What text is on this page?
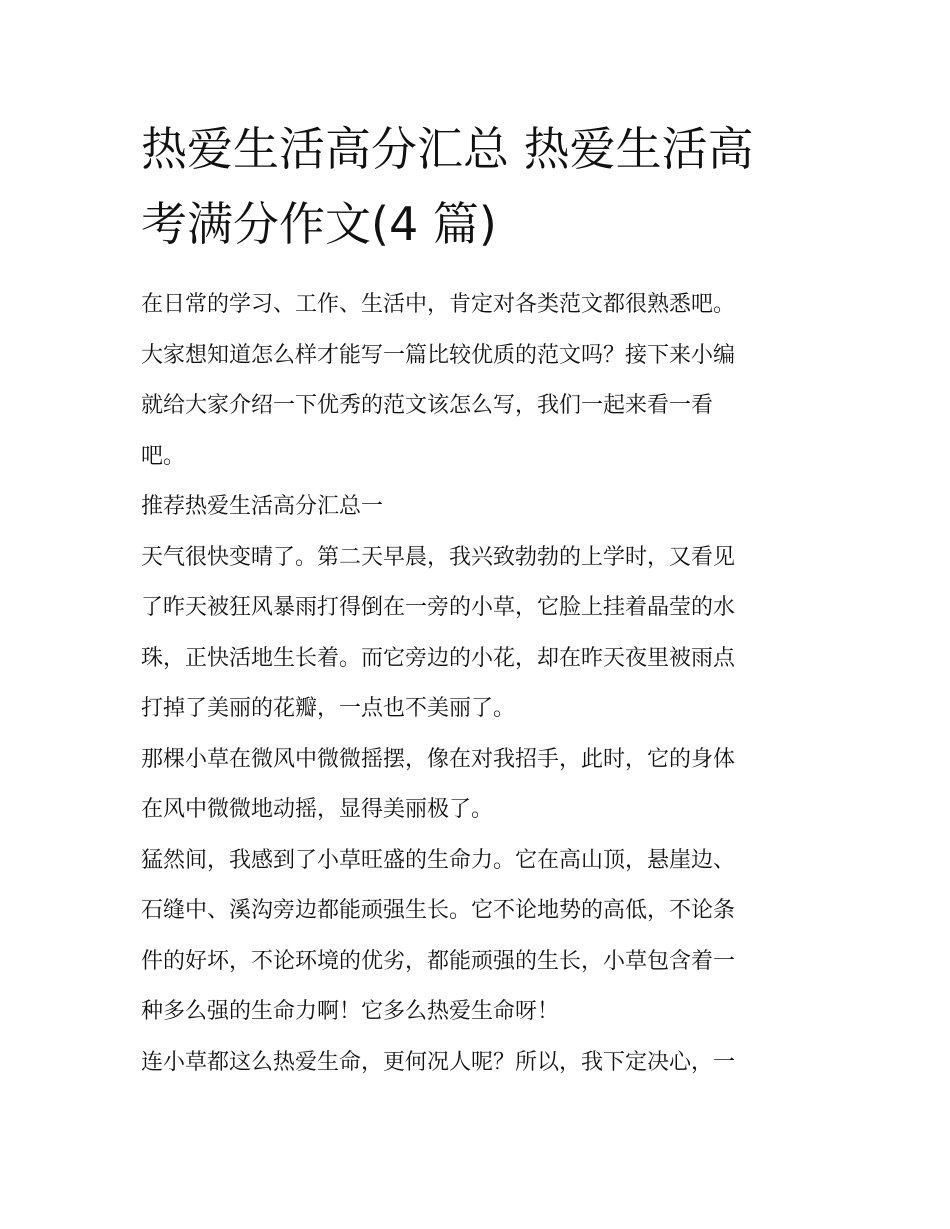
热爱生活高分汇总 热爱生活高
考满分作文(4 篇)

在日常的学习、工作、生活中，肯定对各类范文都很熟悉吧。

大家想知道怎么样才能写一篇比较优质的范文吗？接下来小编

就给大家介绍一下优秀的范文该怎么写，我们一起来看一看

吧。

推荐热爱生活高分汇总一

天气很快变晴了。第二天早晨，我兴致勃勃的上学时，又看见

了昨天被狂风暴雨打得倒在一旁的小草，它脸上挂着晶莹的水

珠，正快活地生长着。而它旁边的小花，却在昨天夜里被雨点

打掉了美丽的花瓣，一点也不美丽了。

那棵小草在微风中微微摇摆，像在对我招手，此时，它的身体

在风中微微地动摇，显得美丽极了。

猛然间，我感到了小草旺盛的生命力。它在高山顶，悬崖边、

石缝中、溪沟旁边都能顽强生长。它不论地势的高低，不论条

件的好坏，不论环境的优劣，都能顽强的生长，小草包含着一

种多么强的生命力啊！它多么热爱生命呀！

连小草都这么热爱生命，更何况人呢？所以，我下定决心，一
